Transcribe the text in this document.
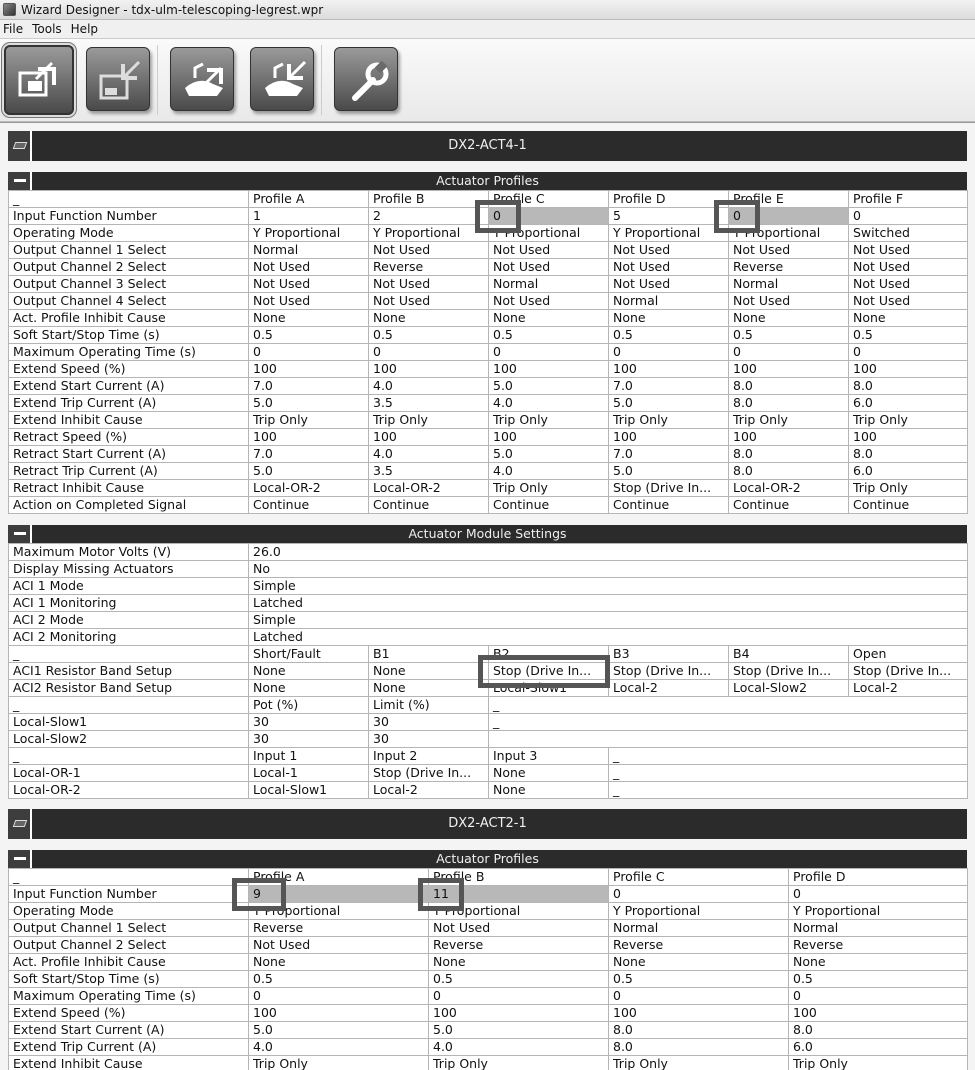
Wizard Designer - tdx-ulm-telescoping-legrest.wpr
File Tools Help
DX2-ACT4-1
Actuator Profiles
_	Profile A	Profile B	Profile C	Profile D	Profile E	Profile F
Input Function Number	1	2	0	5	0	0
Operating Mode	Y Proportional	Y Proportional	Y Proportional	Y Proportional	Y Proportional	Switched
Output Channel 1 Select	Normal	Not Used	Not Used	Not Used	Not Used	Not Used
Output Channel 2 Select	Not Used	Reverse	Not Used	Not Used	Reverse	Not Used
Output Channel 3 Select	Not Used	Not Used	Normal	Not Used	Normal	Not Used
Output Channel 4 Select	Not Used	Not Used	Not Used	Normal	Not Used	Not Used
Act. Profile Inhibit Cause	None	None	None	None	None	None
Soft Start/Stop Time (s)	0.5	0.5	0.5	0.5	0.5	0.5
Maximum Operating Time (s)	0	0	0	0	0	0
Extend Speed (%)	100	100	100	100	100	100
Extend Start Current (A)	7.0	4.0	5.0	7.0	8.0	8.0
Extend Trip Current (A)	5.0	3.5	4.0	5.0	8.0	6.0
Extend Inhibit Cause	Trip Only	Trip Only	Trip Only	Trip Only	Trip Only	Trip Only
Retract Speed (%)	100	100	100	100	100	100
Retract Start Current (A)	7.0	4.0	5.0	7.0	8.0	8.0
Retract Trip Current (A)	5.0	3.5	4.0	5.0	8.0	6.0
Retract Inhibit Cause	Local-OR-2	Local-OR-2	Trip Only	Stop (Drive In...	Local-OR-2	Trip Only
Action on Completed Signal	Continue	Continue	Continue	Continue	Continue	Continue
Actuator Module Settings
Maximum Motor Volts (V)	26.0
Display Missing Actuators	No
ACI 1 Mode	Simple
ACI 1 Monitoring	Latched
ACI 2 Mode	Simple
ACI 2 Monitoring	Latched
_	Short/Fault	B1	B2	B3	B4	Open
ACI1 Resistor Band Setup	None	None	Stop (Drive In...	Stop (Drive In...	Stop (Drive In...	Stop (Drive In...
ACI2 Resistor Band Setup	None	None	Local-Slow1	Local-2	Local-Slow2	Local-2
_	Pot (%)	Limit (%)	_
Local-Slow1	30	30	_
Local-Slow2	30	30	
_	Input 1	Input 2	Input 3	_
Local-OR-1	Local-1	Stop (Drive In...	None	_
Local-OR-2	Local-Slow1	Local-2	None	_
DX2-ACT2-1
Actuator Profiles
_	Profile A	Profile B	Profile C	Profile D
Input Function Number	9	11	0	0
Operating Mode	Y Proportional	Y Proportional	Y Proportional	Y Proportional
Output Channel 1 Select	Reverse	Not Used	Normal	Normal
Output Channel 2 Select	Not Used	Reverse	Reverse	Reverse
Act. Profile Inhibit Cause	None	None	None	None
Soft Start/Stop Time (s)	0.5	0.5	0.5	0.5
Maximum Operating Time (s)	0	0	0	0
Extend Speed (%)	100	100	100	100
Extend Start Current (A)	5.0	5.0	8.0	8.0
Extend Trip Current (A)	4.0	4.0	8.0	6.0
Extend Inhibit Cause	Trip Only	Trip Only	Trip Only	Trip Only
